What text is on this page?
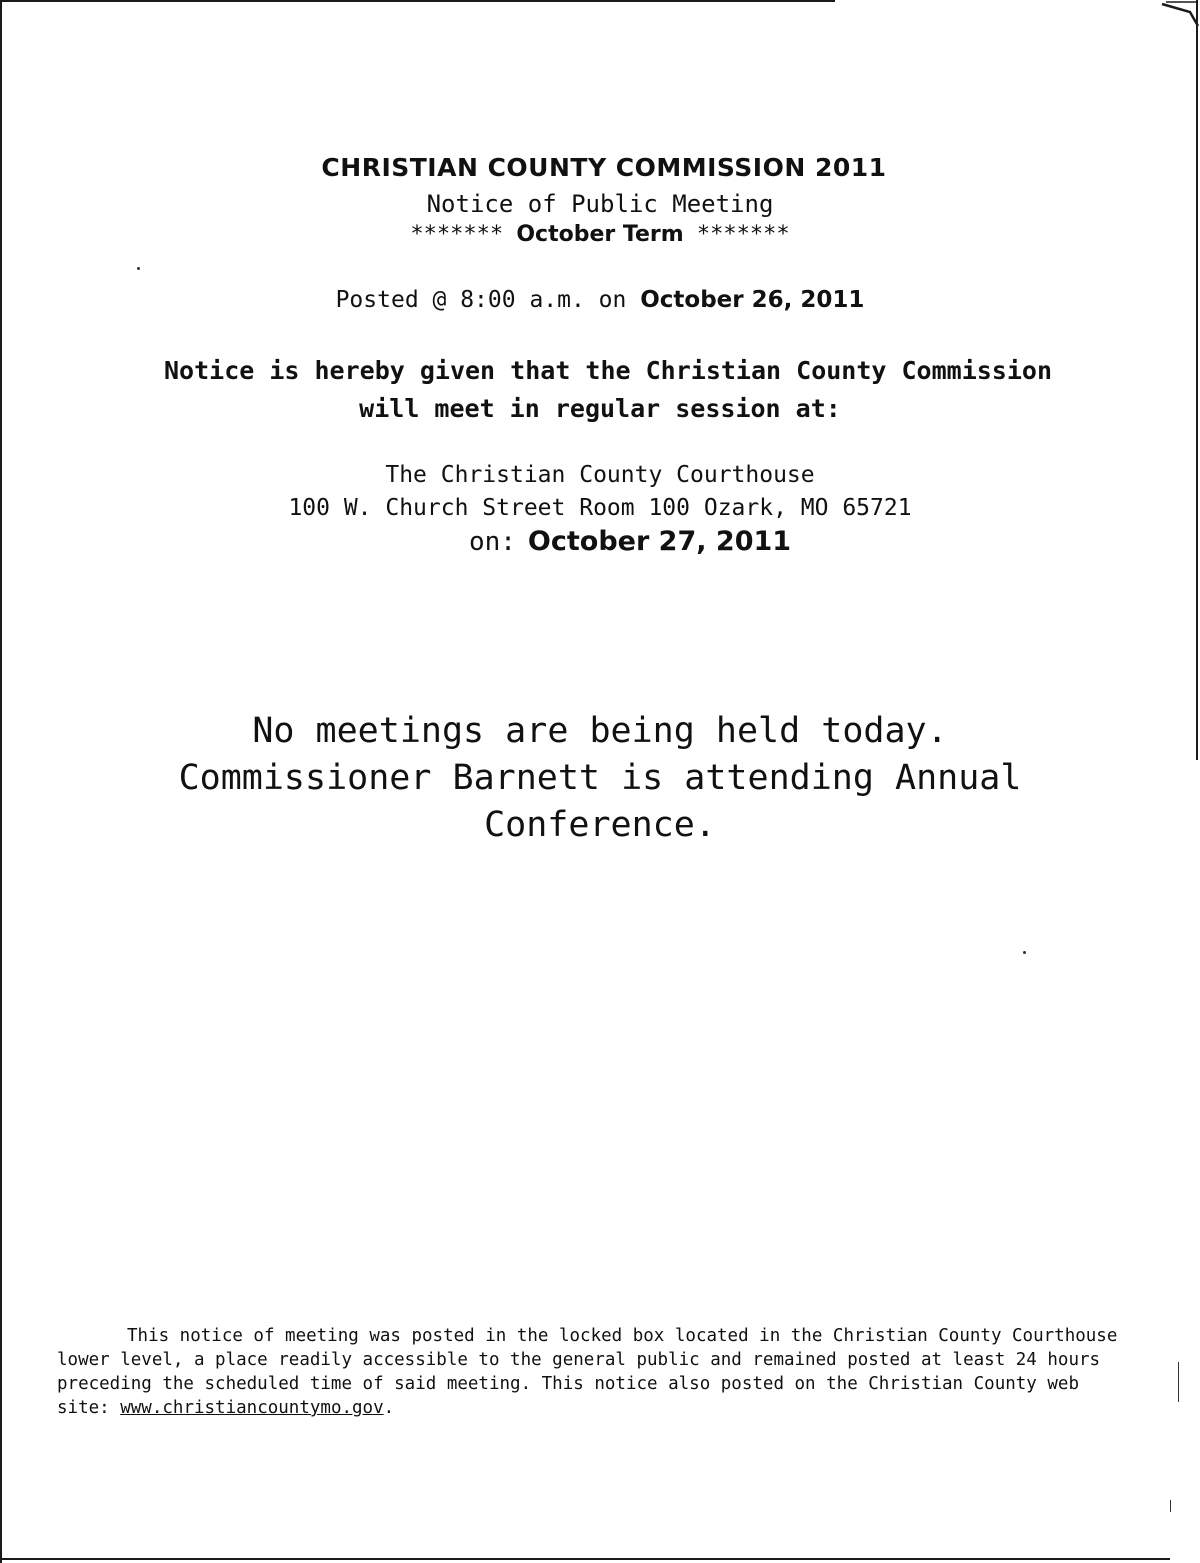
CHRISTIAN COUNTY COMMISSION 2011
Notice of Public Meeting
******* October Term *******
Posted @ 8:00 a.m. on October 26, 2011
Notice is hereby given that the Christian County Commission
will meet in regular session at:
The Christian County Courthouse
100 W. Church Street Room 100 Ozark, MO 65721
on: October 27, 2011
No meetings are being held today.
Commissioner Barnett is attending Annual
Conference.
This notice of meeting was posted in the locked box located in the Christian County Courthouse
lower level, a place readily accessible to the general public and remained posted at least 24 hours
preceding the scheduled time of said meeting. This notice also posted on the Christian County web
site: www.christiancountymo.gov.
